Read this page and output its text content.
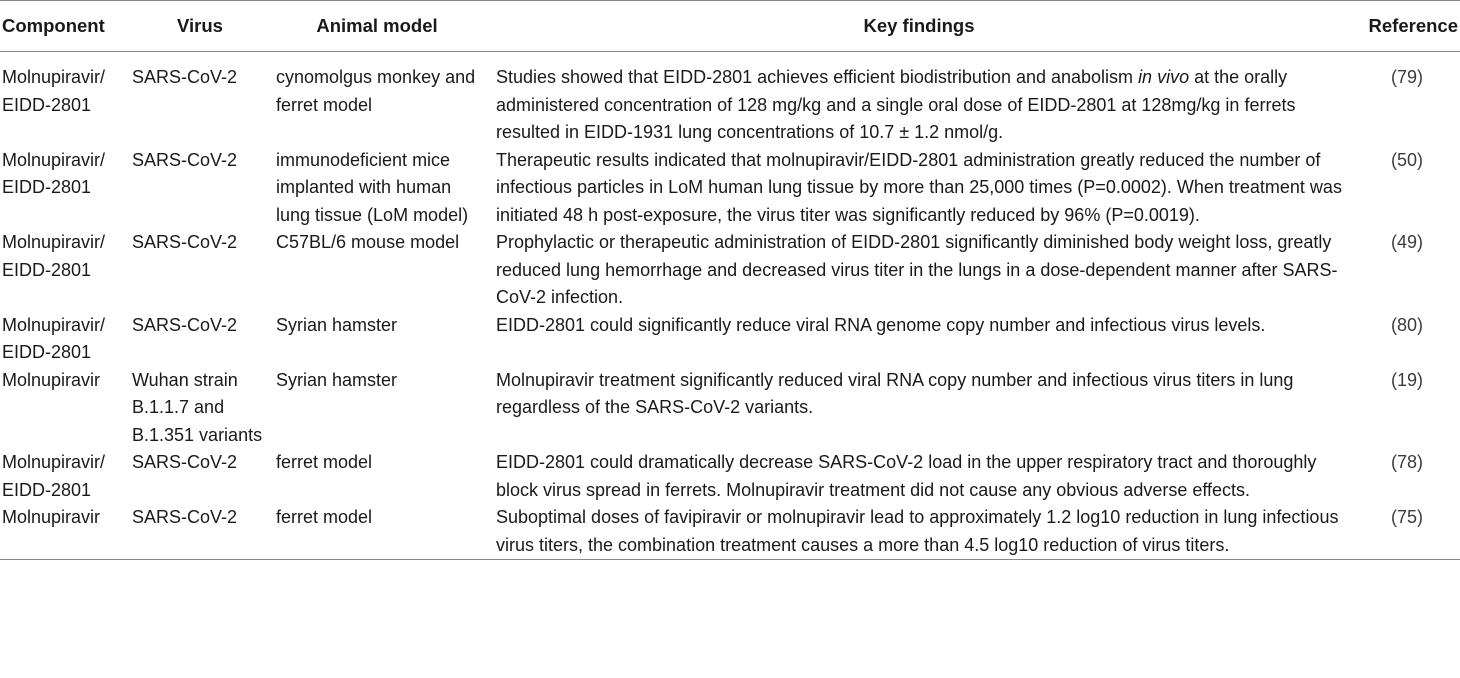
Component	Virus	Animal model	Key findings	Reference
Molnupiravir/ EIDD-2801	SARS-CoV-2	cynomolgus monkey and ferret model	Studies showed that EIDD-2801 achieves efficient biodistribution and anabolism in vivo at the orally administered concentration of 128 mg/kg and a single oral dose of EIDD-2801 at 128mg/kg in ferrets resulted in EIDD-1931 lung concentrations of 10.7 ± 1.2 nmol/g.	(79)
Molnupiravir/ EIDD-2801	SARS-CoV-2	immunodeficient mice implanted with human lung tissue (LoM model)	Therapeutic results indicated that molnupiravir/EIDD-2801 administration greatly reduced the number of infectious particles in LoM human lung tissue by more than 25,000 times (P=0.0002). When treatment was initiated 48 h post-exposure, the virus titer was significantly reduced by 96% (P=0.0019).	(50)
Molnupiravir/ EIDD-2801	SARS-CoV-2	C57BL/6 mouse model	Prophylactic or therapeutic administration of EIDD-2801 significantly diminished body weight loss, greatly reduced lung hemorrhage and decreased virus titer in the lungs in a dose-dependent manner after SARS-CoV-2 infection.	(49)
Molnupiravir/ EIDD-2801	SARS-CoV-2	Syrian hamster	EIDD-2801 could significantly reduce viral RNA genome copy number and infectious virus levels.	(80)
Molnupiravir	Wuhan strain B.1.1.7 and B.1.351 variants	Syrian hamster	Molnupiravir treatment significantly reduced viral RNA copy number and infectious virus titers in lung regardless of the SARS-CoV-2 variants.	(19)
Molnupiravir/ EIDD-2801	SARS-CoV-2	ferret model	EIDD-2801 could dramatically decrease SARS-CoV-2 load in the upper respiratory tract and thoroughly block virus spread in ferrets. Molnupiravir treatment did not cause any obvious adverse effects.	(78)
Molnupiravir	SARS-CoV-2	ferret model	Suboptimal doses of favipiravir or molnupiravir lead to approximately 1.2 log10 reduction in lung infectious virus titers, the combination treatment causes a more than 4.5 log10 reduction of virus titers.	(75)
